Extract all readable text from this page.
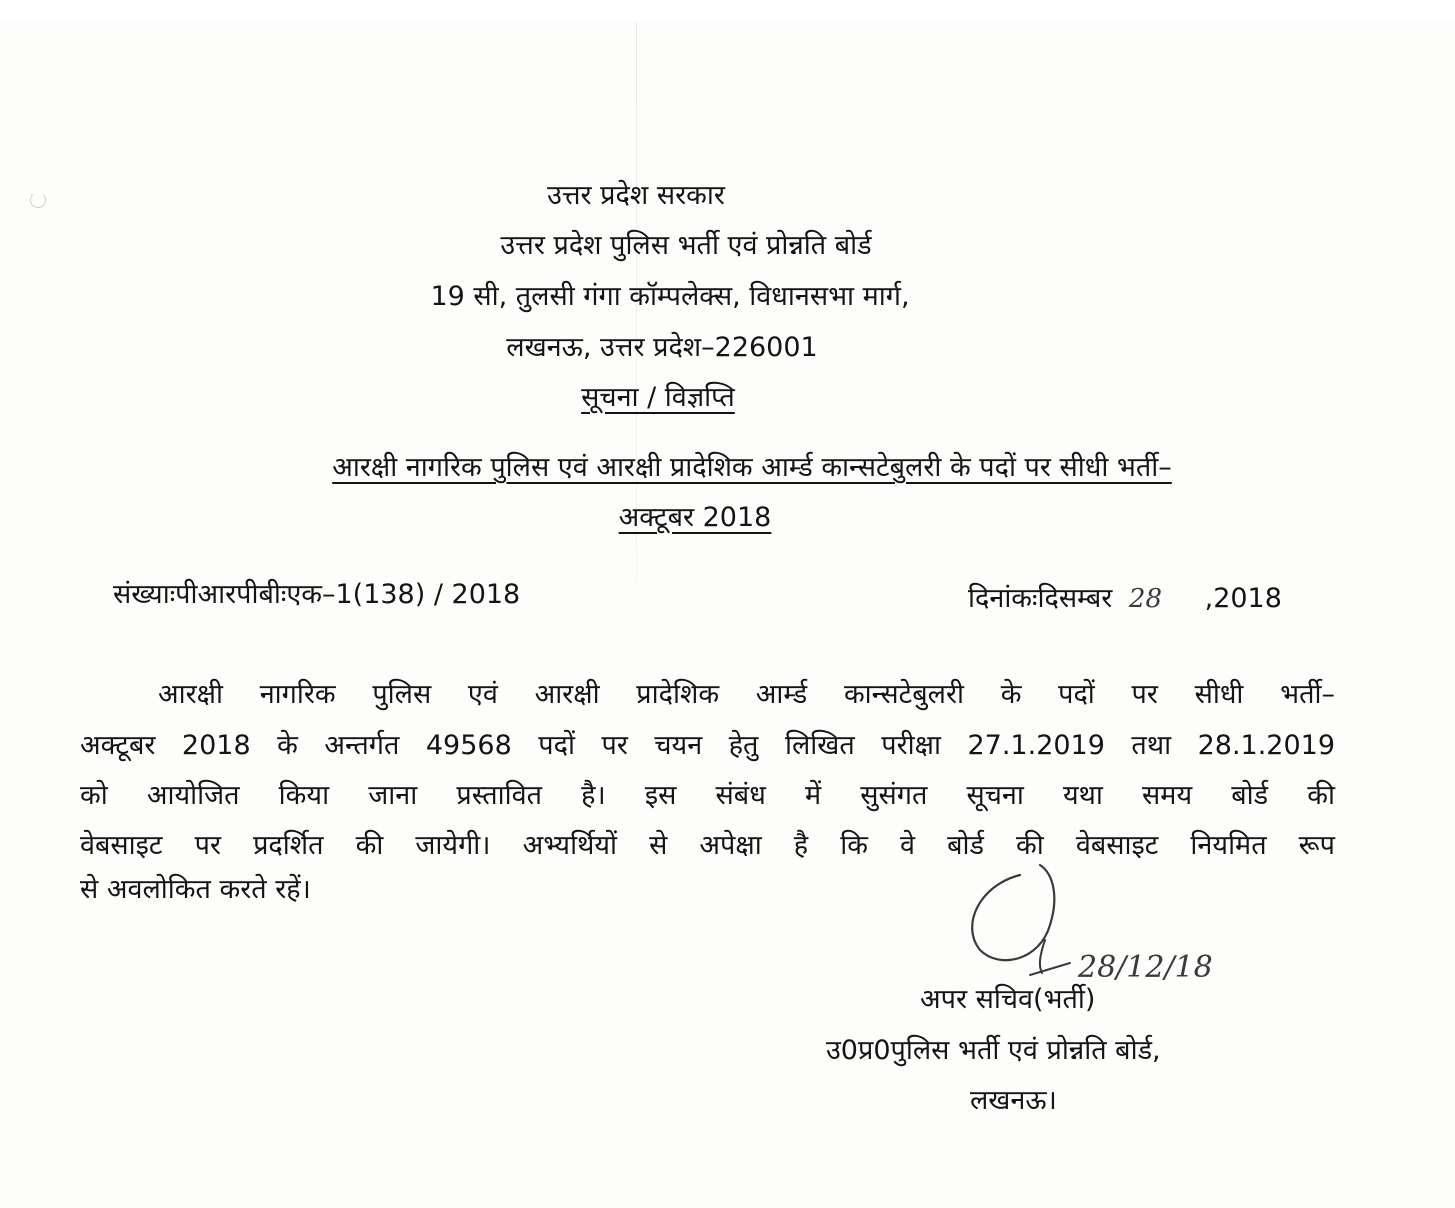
उत्तर प्रदेश सरकार
उत्तर प्रदेश पुलिस भर्ती एवं प्रोन्नति बोर्ड
19 सी, तुलसी गंगा कॉम्पलेक्स, विधानसभा मार्ग,
लखनऊ, उत्तर प्रदेश–226001
सूचना / विज्ञप्ति
आरक्षी नागरिक पुलिस एवं आरक्षी प्रादेशिक आर्म्ड कान्सटेबुलरी के पदों पर सीधी भर्ती–
अक्टूबर 2018
संख्याःपीआरपीबीःएक–1(138) / 2018	दिनांकःदिसम्बर 28 ,2018
आरक्षी नागरिक पुलिस एवं आरक्षी प्रादेशिक आर्म्ड कान्सटेबुलरी के पदों पर सीधी भर्ती–
अक्टूबर 2018 के अन्तर्गत 49568 पदों पर चयन हेतु लिखित परीक्षा 27.1.2019 तथा 28.1.2019
को आयोजित किया जाना प्रस्तावित है। इस संबंध में सुसंगत सूचना यथा समय बोर्ड की
वेबसाइट पर प्रदर्शित की जायेगी। अभ्यर्थियों से अपेक्षा है कि वे बोर्ड की वेबसाइट नियमित रूप
से अवलोकित करते रहें।
28/12/18
अपर सचिव(भर्ती)
उ0प्र0पुलिस भर्ती एवं प्रोन्नति बोर्ड,
लखनऊ।
